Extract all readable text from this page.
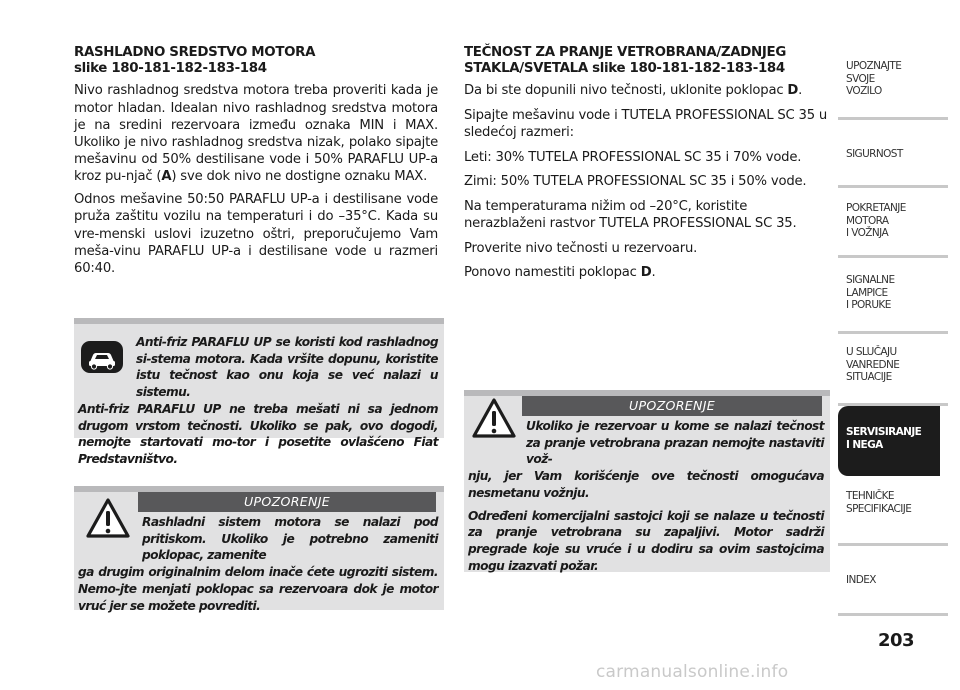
RASHLADNO SREDSTVO MOTORA
slike 180-181-182-183-184
Nivo rashladnog sredstva motora treba proveriti kada je motor hladan. Idealan nivo rashladnog sredstva motora je na sredini rezervoara između oznaka MIN i MAX. Ukoliko je nivo rashladnog sredstva nizak, polako sipajte mešavinu od 50% destilisane vode i 50% PARAFLU UP-a kroz pu-njač (A) sve dok nivo ne dostigne oznaku MAX.
Odnos mešavine 50:50 PARAFLU UP-a i destilisane vode pruža zaštitu vozilu na temperaturi i do –35°C. Kada su vre-menski uslovi izuzetno oštri, preporučujemo Vam meša-vinu PARAFLU UP-a i destilisane vode u razmeri 60:40.
Anti-friz PARAFLU UP se koristi kod rashladnog si-stema motora. Kada vršite dopunu, koristite istu tečnost kao onu koja se već nalazi u sistemu.
Anti-friz PARAFLU UP ne treba mešati ni sa jednom drugom vrstom tečnosti. Ukoliko se pak, ovo dogodi, nemojte startovati mo-tor i posetite ovlašćeno Fiat Predstavništvo.
UPOZORENJE
Rashladni sistem motora se nalazi pod pritiskom. Ukoliko je potrebno zameniti poklopac, zamenite
ga drugim originalnim delom inače ćete ugroziti sistem. Nemo-jte menjati poklopac sa rezervoara dok je motor vruć jer se možete povrediti.
TEČNOST ZA PRANJE VETROBRANA/ZADNJEG STAKLA/SVETALA slike 180-181-182-183-184
Da bi ste dopunili nivo tečnosti, uklonite poklopac D.
Sipajte mešavinu vode i TUTELA PROFESSIONAL SC 35 u sledećoj razmeri:
Leti: 30% TUTELA PROFESSIONAL SC 35 i 70% vode.
Zimi: 50% TUTELA PROFESSIONAL SC 35 i 50% vode.
Na temperaturama nižim od –20°C, koristite nerazblaženi rastvor TUTELA PROFESSIONAL SC 35.
Proverite nivo tečnosti u rezervoaru.
Ponovo namestiti poklopac D.
UPOZORENJE
Ukoliko je rezervoar u kome se nalazi tečnost za pranje vetrobrana prazan nemojte nastaviti vož-
nju, jer Vam korišćenje ove tečnosti omogućava nesmetanu vožnju.
Određeni komercijalni sastojci koji se nalaze u tečnosti za pranje vetrobrana su zapaljivi. Motor sadrži pregrade koje su vruće i u dodiru sa ovim sastojcima mogu izazvati požar.
UPOZNAJTE
SVOJE
VOZILO
SIGURNOST
POKRETANJE
MOTORA
I VOŽNJA
SIGNALNE
LAMPICE
I PORUKE
U SLUČAJU
VANREDNE
SITUACIJE
SERVISIRANJE
I NEGA
TEHNIČKE
SPECIFIKACIJE
INDEX
203
carmanualsonline.info
